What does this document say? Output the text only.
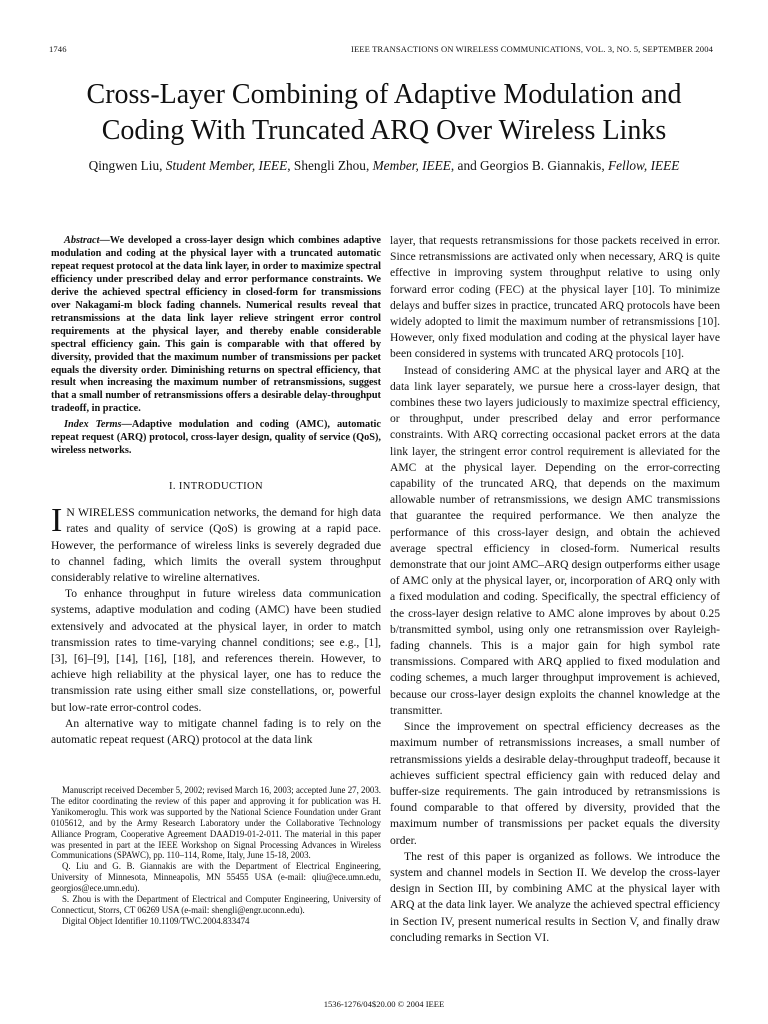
1746	IEEE TRANSACTIONS ON WIRELESS COMMUNICATIONS, VOL. 3, NO. 5, SEPTEMBER 2004
Cross-Layer Combining of Adaptive Modulation and
Coding With Truncated ARQ Over Wireless Links
Qingwen Liu, Student Member, IEEE, Shengli Zhou, Member, IEEE, and Georgios B. Giannakis, Fellow, IEEE

Abstract—We developed a cross-layer design which combines adaptive modulation and coding at the physical layer with a truncated automatic repeat request protocol at the data link layer, in order to maximize spectral efficiency under prescribed delay and error performance constraints. We derive the achieved spectral efficiency in closed-form for transmissions over Nakagami-m block fading channels. Numerical results reveal that retransmissions at the data link layer relieve stringent error control requirements at the physical layer, and thereby enable considerable spectral efficiency gain. This gain is comparable with that offered by diversity, provided that the maximum number of transmissions per packet equals the diversity order. Diminishing returns on spectral efficiency, that result when increasing the maximum number of retransmissions, suggest that a small number of retransmissions offers a desirable delay-throughput tradeoff, in practice.

Index Terms—Adaptive modulation and coding (AMC), automatic repeat request (ARQ) protocol, cross-layer design, quality of service (QoS), wireless networks.

I. INTRODUCTION

I N WIRELESS communication networks, the demand for high data rates and quality of service (QoS) is growing at a rapid pace. However, the performance of wireless links is severely degraded due to channel fading, which limits the overall system throughput considerably relative to wireline alternatives.

To enhance throughput in future wireless data communication systems, adaptive modulation and coding (AMC) have been studied extensively and advocated at the physical layer, in order to match transmission rates to time-varying channel conditions; see e.g., [1], [3], [6]–[9], [14], [16], [18], and references therein. However, to achieve high reliability at the physical layer, one has to reduce the transmission rate using either small size constellations, or, powerful but low-rate error-control codes.

An alternative way to mitigate channel fading is to rely on the automatic repeat request (ARQ) protocol at the data link

Manuscript received December 5, 2002; revised March 16, 2003; accepted June 27, 2003. The editor coordinating the review of this paper and approving it for publication was H. Yanikomeroglu. This work was supported by the National Science Foundation under Grant 0105612, and by the Army Research Laboratory under the Collaborative Technology Alliance Program, Cooperative Agreement DAAD19-01-2-011. The material in this paper was presented in part at the IEEE Workshop on Signal Processing Advances in Wireless Communications (SPAWC), pp. 110–114, Rome, Italy, June 15-18, 2003.

Q. Liu and G. B. Giannakis are with the Department of Electrical Engineering, University of Minnesota, Minneapolis, MN 55455 USA (e-mail: qliu@ece.umn.edu, georgios@ece.umn.edu).

S. Zhou is with the Department of Electrical and Computer Engineering, University of Connecticut, Storrs, CT 06269 USA (e-mail: shengli@engr.uconn.edu).

Digital Object Identifier 10.1109/TWC.2004.833474

layer, that requests retransmissions for those packets received in error. Since retransmissions are activated only when necessary, ARQ is quite effective in improving system throughput relative to using only forward error coding (FEC) at the physical layer [10]. To minimize delays and buffer sizes in practice, truncated ARQ protocols have been widely adopted to limit the maximum number of retransmissions [10]. However, only fixed modulation and coding at the physical layer have been considered in systems with truncated ARQ protocols [10].

Instead of considering AMC at the physical layer and ARQ at the data link layer separately, we pursue here a cross-layer design, that combines these two layers judiciously to maximize spectral efficiency, or throughput, under prescribed delay and error performance constraints. With ARQ correcting occasional packet errors at the data link layer, the stringent error control requirement is alleviated for the AMC at the physical layer. Depending on the error-correcting capability of the truncated ARQ, that depends on the maximum allowable number of retransmissions, we design AMC transmissions that guarantee the required performance. We then analyze the performance of this cross-layer design, and obtain the achieved average spectral efficiency in closed-form. Numerical results demonstrate that our joint AMC–ARQ design outperforms either usage of AMC only at the physical layer, or, incorporation of ARQ only with a fixed modulation and coding. Specifically, the spectral efficiency of the cross-layer design relative to AMC alone improves by about 0.25 b/transmitted symbol, using only one retransmission over Rayleigh-fading channels. This is a major gain for high symbol rate transmissions. Compared with ARQ applied to fixed modulation and coding schemes, a much larger throughput improvement is achieved, because our cross-layer design exploits the channel knowledge at the transmitter.

Since the improvement on spectral efficiency decreases as the maximum number of retransmissions increases, a small number of retransmissions yields a desirable delay-throughput tradeoff, because it achieves sufficient spectral efficiency gain with reduced delay and buffer-size requirements. The gain introduced by retransmissions is found comparable to that offered by diversity, provided that the maximum number of transmissions per packet equals the diversity order.

The rest of this paper is organized as follows. We introduce the system and channel models in Section II. We develop the cross-layer design in Section III, by combining AMC at the physical layer with ARQ at the data link layer. We analyze the achieved spectral efficiency in Section IV, present numerical results in Section V, and finally draw concluding remarks in Section VI.

1536-1276/04$20.00 © 2004 IEEE
